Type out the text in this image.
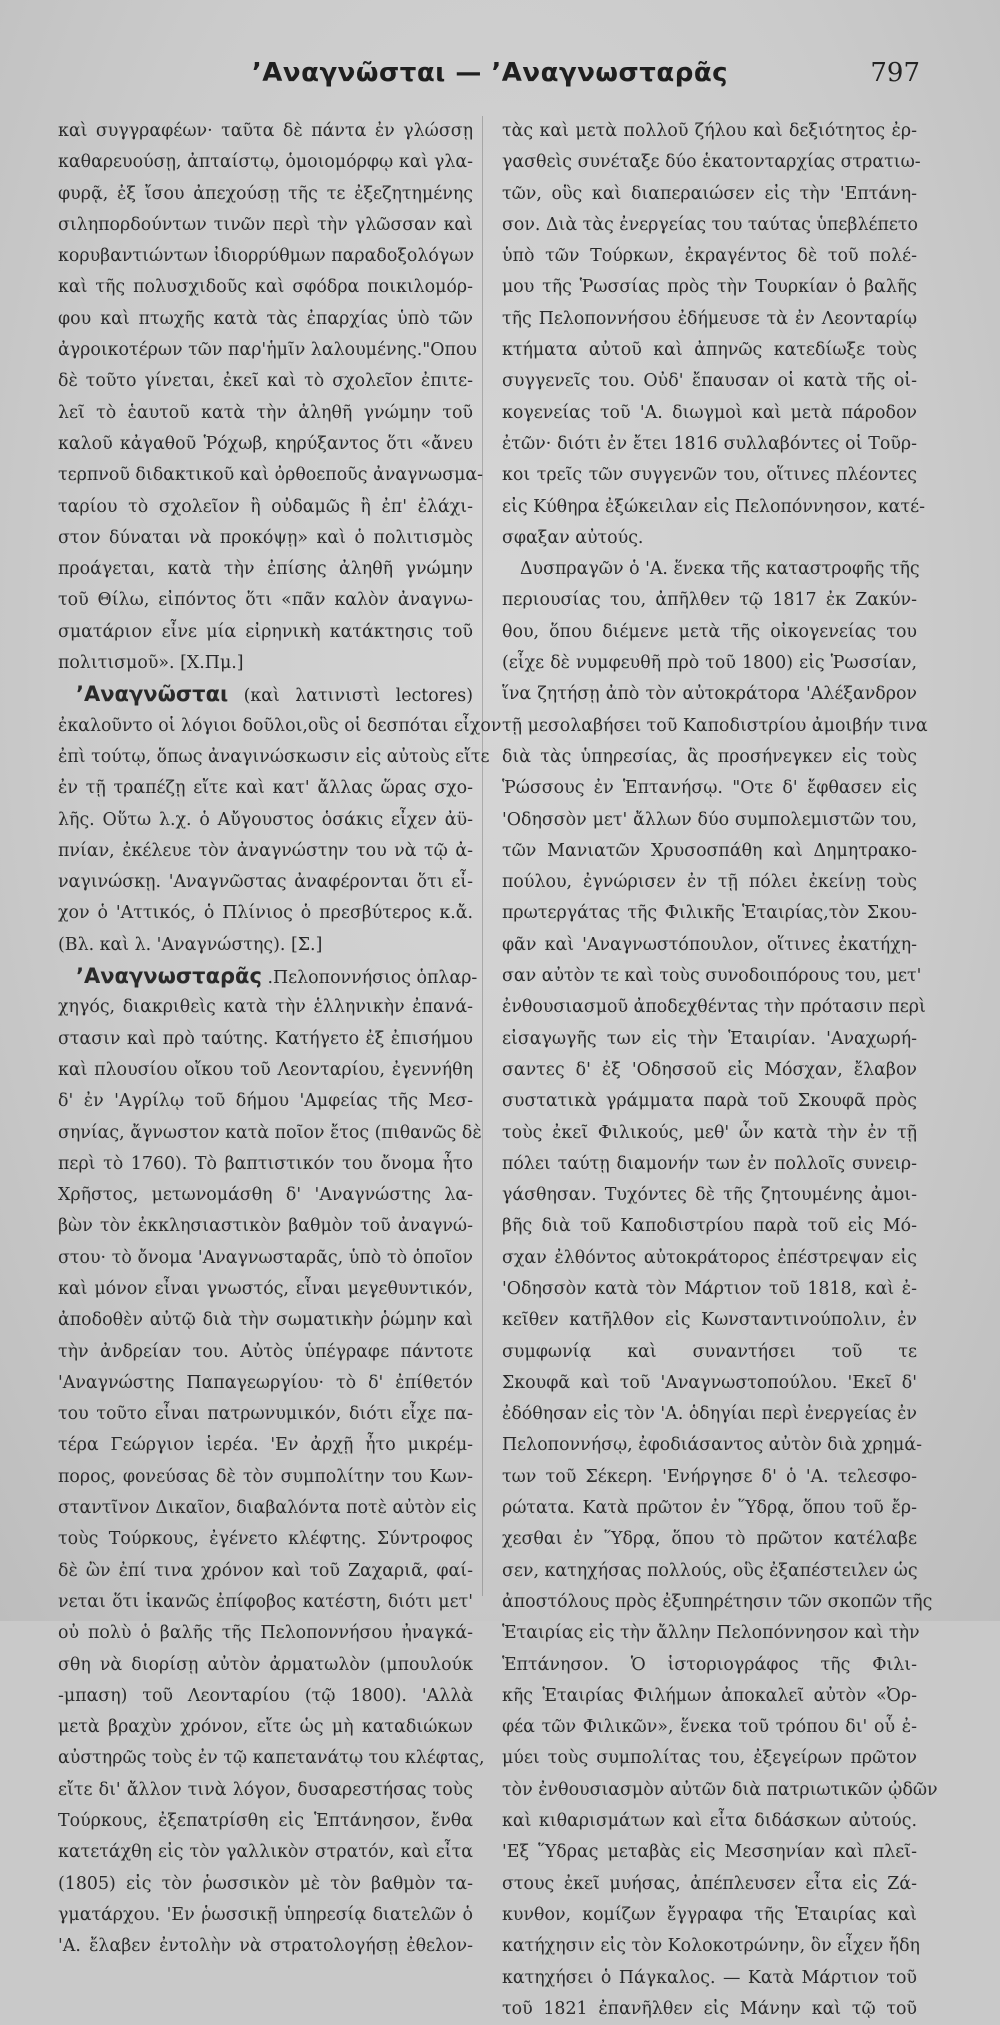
’Αναγνῶσται — ’Αναγνωσταρᾶς	797
καὶ συγγραφέων· ταῦτα δὲ πάντα ἐν γλώσσῃ
καθαρευούσῃ, ἀπταίστῳ, ὁμοιομόρφῳ καὶ γλα-
φυρᾷ, ἐξ ἴσου ἀπεχούσῃ τῆς τε ἐξεζητημένης
σιληπορδούντων τινῶν περὶ τὴν γλῶσσαν καὶ
κορυβαντιώντων ἰδιορρύθμων παραδοξολόγων
καὶ τῆς πολυσχιδοῦς καὶ σφόδρα ποικιλομόρ-
φου καὶ πτωχῆς κατὰ τὰς ἐπαρχίας ὑπὸ τῶν
ἀγροικοτέρων τῶν παρ'ἡμῖν λαλουμένης."Οπου
δὲ τοῦτο γίνεται, ἐκεῖ καὶ τὸ σχολεῖον ἐπιτε-
λεῖ τὸ ἑαυτοῦ κατὰ τὴν ἀληθῆ γνώμην τοῦ
καλοῦ κἀγαθοῦ Ῥόχωβ, κηρύξαντος ὅτι «ἄνευ
τερπνοῦ διδακτικοῦ καὶ ὀρθοεποῦς ἀναγνωσμα-
ταρίου τὸ σχολεῖον ἢ οὐδαμῶς ἢ ἐπ' ἐλάχι-
στον δύναται νὰ προκόψῃ» καὶ ὁ πολιτισμὸς
προάγεται, κατὰ τὴν ἐπίσης ἀληθῆ γνώμην
τοῦ Θίλω, εἰπόντος ὅτι «πᾶν καλὸν ἀναγνω-
σματάριον εἶνε μία εἰρηνικὴ κατάκτησις τοῦ
πολιτισμοῦ». [Χ.Πμ.]
’Αναγνῶσται (καὶ λατινιστὶ lectores)
ἐκαλοῦντο οἱ λόγιοι δοῦλοι,οὓς οἱ δεσπόται εἶχον
ἐπὶ τούτῳ, ὅπως ἀναγινώσκωσιν εἰς αὐτοὺς εἴτε
ἐν τῇ τραπέζῃ εἴτε καὶ κατ' ἄλλας ὥρας σχο-
λῆς. Οὕτω λ.χ. ὁ Αὔγουστος ὁσάκις εἶχεν ἀϋ-
πνίαν, ἐκέλευε τὸν ἀναγνώστην του νὰ τῷ ἀ-
ναγινώσκῃ. 'Αναγνῶστας ἀναφέρονται ὅτι εἶ-
χον ὁ 'Αττικός, ὁ Πλίνιος ὁ πρεσβύτερος κ.ἄ.
(Βλ. καὶ λ. 'Αναγνώστης). [Σ.]
’Αναγνωσταρᾶς .Πελοποννήσιος ὁπλαρ-
χηγός, διακριθεὶς κατὰ τὴν ἑλληνικὴν ἐπανά-
στασιν καὶ πρὸ ταύτης. Κατήγετο ἐξ ἐπισήμου
καὶ πλουσίου οἴκου τοῦ Λεονταρίου, ἐγεννήθη
δ' ἐν 'Αγρίλῳ τοῦ δήμου 'Αμφείας τῆς Μεσ-
σηνίας, ἄγνωστον κατὰ ποῖον ἔτος (πιθανῶς δὲ
περὶ τὸ 1760). Τὸ βαπτιστικόν του ὄνομα ἦτο
Χρῆστος, μετωνομάσθη δ' 'Αναγνώστης λα-
βὼν τὸν ἐκκλησιαστικὸν βαθμὸν τοῦ ἀναγνώ-
στου· τὸ ὄνομα 'Αναγνωσταρᾶς, ὑπὸ τὸ ὁποῖον
καὶ μόνον εἶναι γνωστός, εἶναι μεγεθυντικόν,
ἀποδοθὲν αὐτῷ διὰ τὴν σωματικὴν ῥώμην καὶ
τὴν ἀνδρείαν του. Αὐτὸς ὑπέγραφε πάντοτε
'Αναγνώστης Παπαγεωργίου· τὸ δ' ἐπίθετόν
του τοῦτο εἶναι πατρωνυμικόν, διότι εἶχε πα-
τέρα Γεώργιον ἱερέα. 'Εν ἀρχῇ ἦτο μικρέμ-
πορος, φονεύσας δὲ τὸν συμπολίτην του Κων-
σταντῖνον Δικαῖον, διαβαλόντα ποτὲ αὐτὸν εἰς
τοὺς Τούρκους, ἐγένετο κλέφτης. Σύντροφος
δὲ ὢν ἐπί τινα χρόνον καὶ τοῦ Ζαχαριᾶ, φαί-
νεται ὅτι ἱκανῶς ἐπίφοβος κατέστη, διότι μετ'
οὐ πολὺ ὁ βαλῆς τῆς Πελοποννήσου ἠναγκά-
σθη νὰ διορίσῃ αὐτὸν ἀρματωλὸν (μπουλούκ
-μπαση) τοῦ Λεονταρίου (τῷ 1800). 'Αλλὰ
μετὰ βραχὺν χρόνον, εἴτε ὡς μὴ καταδιώκων
αὐστηρῶς τοὺς ἐν τῷ καπετανάτῳ του κλέφτας,
εἴτε δι' ἄλλον τινὰ λόγον, δυσαρεστήσας τοὺς
Τούρκους, ἐξεπατρίσθη εἰς Ἑπτάνησον, ἔνθα
κατετάχθη εἰς τὸν γαλλικὸν στρατόν, καὶ εἶτα
(1805) εἰς τὸν ῥωσσικὸν μὲ τὸν βαθμὸν τα-
γματάρχου. 'Εν ῥωσσικῇ ὑπηρεσίᾳ διατελῶν ὁ
'Α. ἔλαβεν ἐντολὴν νὰ στρατολογήσῃ ἐθελον-
τὰς καὶ μετὰ πολλοῦ ζήλου καὶ δεξιότητος ἐρ-
γασθεὶς συνέταξε δύο ἑκατονταρχίας στρατιω-
τῶν, οὓς καὶ διαπεραιώσεν εἰς τὴν 'Επτάνη-
σον. Διὰ τὰς ἐνεργείας του ταύτας ὑπεβλέπετο
ὑπὸ τῶν Τούρκων, ἐκραγέντος δὲ τοῦ πολέ-
μου τῆς Ῥωσσίας πρὸς τὴν Τουρκίαν ὁ βαλῆς
τῆς Πελοποννήσου ἐδήμευσε τὰ ἐν Λεονταρίῳ
κτήματα αὐτοῦ καὶ ἀπηνῶς κατεδίωξε τοὺς
συγγενεῖς του. Οὐδ' ἔπαυσαν οἱ κατὰ τῆς οἰ-
κογενείας τοῦ 'Α. διωγμοὶ καὶ μετὰ πάροδον
ἐτῶν· διότι ἐν ἔτει 1816 συλλαβόντες οἱ Τοῦρ-
κοι τρεῖς τῶν συγγενῶν του, οἵτινες πλέοντες
εἰς Κύθηρα ἐξώκειλαν εἰς Πελοπόννησον, κατέ-
σφαξαν αὐτούς.
Δυσπραγῶν ὁ 'Α. ἕνεκα τῆς καταστροφῆς τῆς
περιουσίας του, ἀπῆλθεν τῷ 1817 ἐκ Ζακύν-
θου, ὅπου διέμενε μετὰ τῆς οἰκογενείας του
(εἶχε δὲ νυμφευθῆ πρὸ τοῦ 1800) εἰς Ῥωσσίαν,
ἵνα ζητήσῃ ἀπὸ τὸν αὐτοκράτορα 'Αλέξανδρον
τῇ μεσολαβήσει τοῦ Καποδιστρίου ἀμοιβήν τινα
διὰ τὰς ὑπηρεσίας, ἃς προσήνεγκεν εἰς τοὺς
Ῥώσσους ἐν Ἑπτανήσῳ. "Οτε δ' ἔφθασεν εἰς
'Οδησσὸν μετ' ἄλλων δύο συμπολεμιστῶν του,
τῶν Μανιατῶν Χρυσοσπάθη καὶ Δημητρακο-
πούλου, ἐγνώρισεν ἐν τῇ πόλει ἐκείνῃ τοὺς
πρωτεργάτας τῆς Φιλικῆς Ἑταιρίας,τὸν Σκου-
φᾶν καὶ 'Αναγνωστόπουλον, οἵτινες ἐκατήχη-
σαν αὐτὸν τε καὶ τοὺς συνοδοιπόρους του, μετ'
ἐνθουσιασμοῦ ἀποδεχθέντας τὴν πρότασιν περὶ
εἰσαγωγῆς των εἰς τὴν Ἑταιρίαν. 'Αναχωρή-
σαντες δ' ἐξ 'Οδησσοῦ εἰς Μόσχαν, ἔλαβον
συστατικὰ γράμματα παρὰ τοῦ Σκουφᾶ πρὸς
τοὺς ἐκεῖ Φιλικούς, μεθ' ὧν κατὰ τὴν ἐν τῇ
πόλει ταύτῃ διαμονήν των ἐν πολλοῖς συνειρ-
γάσθησαν. Τυχόντες δὲ τῆς ζητουμένης ἀμοι-
βῆς διὰ τοῦ Καποδιστρίου παρὰ τοῦ εἰς Μό-
σχαν ἐλθόντος αὐτοκράτορος ἐπέστρεψαν εἰς
'Οδησσὸν κατὰ τὸν Μάρτιον τοῦ 1818, καὶ ἐ-
κεῖθεν κατῆλθον εἰς Κωνσταντινούπολιν, ἐν
συμφωνίᾳ καὶ συναντήσει τοῦ τε
Σκουφᾶ καὶ τοῦ 'Αναγνωστοπούλου. 'Εκεῖ δ'
ἐδόθησαν εἰς τὸν 'Α. ὁδηγίαι περὶ ἐνεργείας ἐν
Πελοποννήσῳ, ἐφοδιάσαντος αὐτὸν διὰ χρημά-
των τοῦ Σέκερη. 'Ενήργησε δ' ὁ 'Α. τελεσφο-
ρώτατα. Κατὰ πρῶτον ἐν Ὕδρᾳ, ὅπου τοῦ ἔρ-
χεσθαι ἐν Ὕδρᾳ, ὅπου τὸ πρῶτον κατέλαβε
σεν, κατηχήσας πολλούς, οὓς ἐξαπέστειλεν ὡς
ἀποστόλους πρὸς ἐξυπηρέτησιν τῶν σκοπῶν τῆς
Ἑταιρίας εἰς τὴν ἄλλην Πελοπόννησον καὶ τὴν
Ἑπτάνησον. Ὁ ἱστοριογράφος τῆς Φιλι-
κῆς Ἑταιρίας Φιλήμων ἀποκαλεῖ αὐτὸν «Ὀρ-
φέα τῶν Φιλικῶν», ἕνεκα τοῦ τρόπου δι' οὗ ἐ-
μύει τοὺς συμπολίτας του, ἐξεγείρων πρῶτον
τὸν ἐνθουσιασμὸν αὐτῶν διὰ πατριωτικῶν ᾠδῶν
καὶ κιθαρισμάτων καὶ εἶτα διδάσκων αὐτούς.
'Εξ Ὕδρας μεταβὰς εἰς Μεσσηνίαν καὶ πλεῖ-
στους ἐκεῖ μυήσας, ἀπέπλευσεν εἶτα εἰς Ζά-
κυνθον, κομίζων ἔγγραφα τῆς Ἑταιρίας καὶ
κατήχησιν εἰς τὸν Κολοκοτρώνην, ὃν εἶχεν ἤδη
κατηχήσει ὁ Πάγκαλος. — Κατὰ Μάρτιον τοῦ
τοῦ 1821 ἐπανῆλθεν εἰς Μάνην καὶ τῷ τοῦ
